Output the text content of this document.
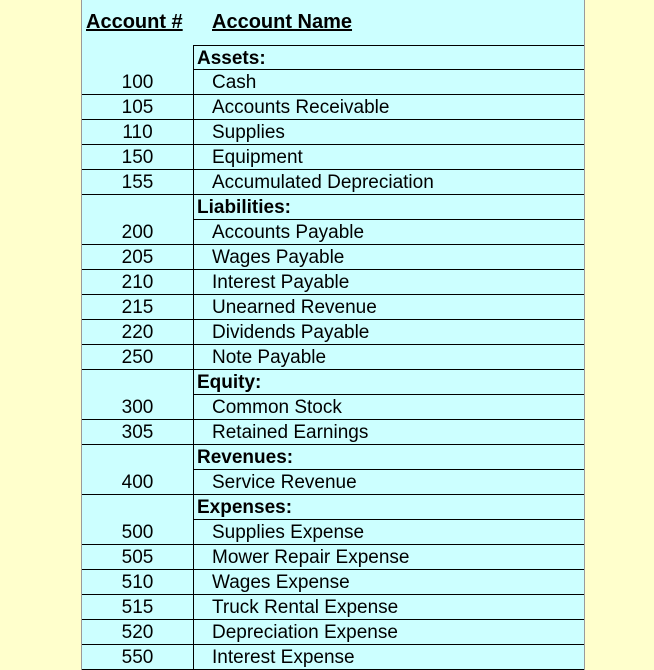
Account # Account Name
Assets:
100	Cash
105	Accounts Receivable
110	Supplies
150	Equipment
155	Accumulated Depreciation
Liabilities:
200	Accounts Payable
205	Wages Payable
210	Interest Payable
215	Unearned Revenue
220	Dividends Payable
250	Note Payable
Equity:
300	Common Stock
305	Retained Earnings
Revenues:
400	Service Revenue
Expenses:
500	Supplies Expense
505	Mower Repair Expense
510	Wages Expense
515	Truck Rental Expense
520	Depreciation Expense
550	Interest Expense
